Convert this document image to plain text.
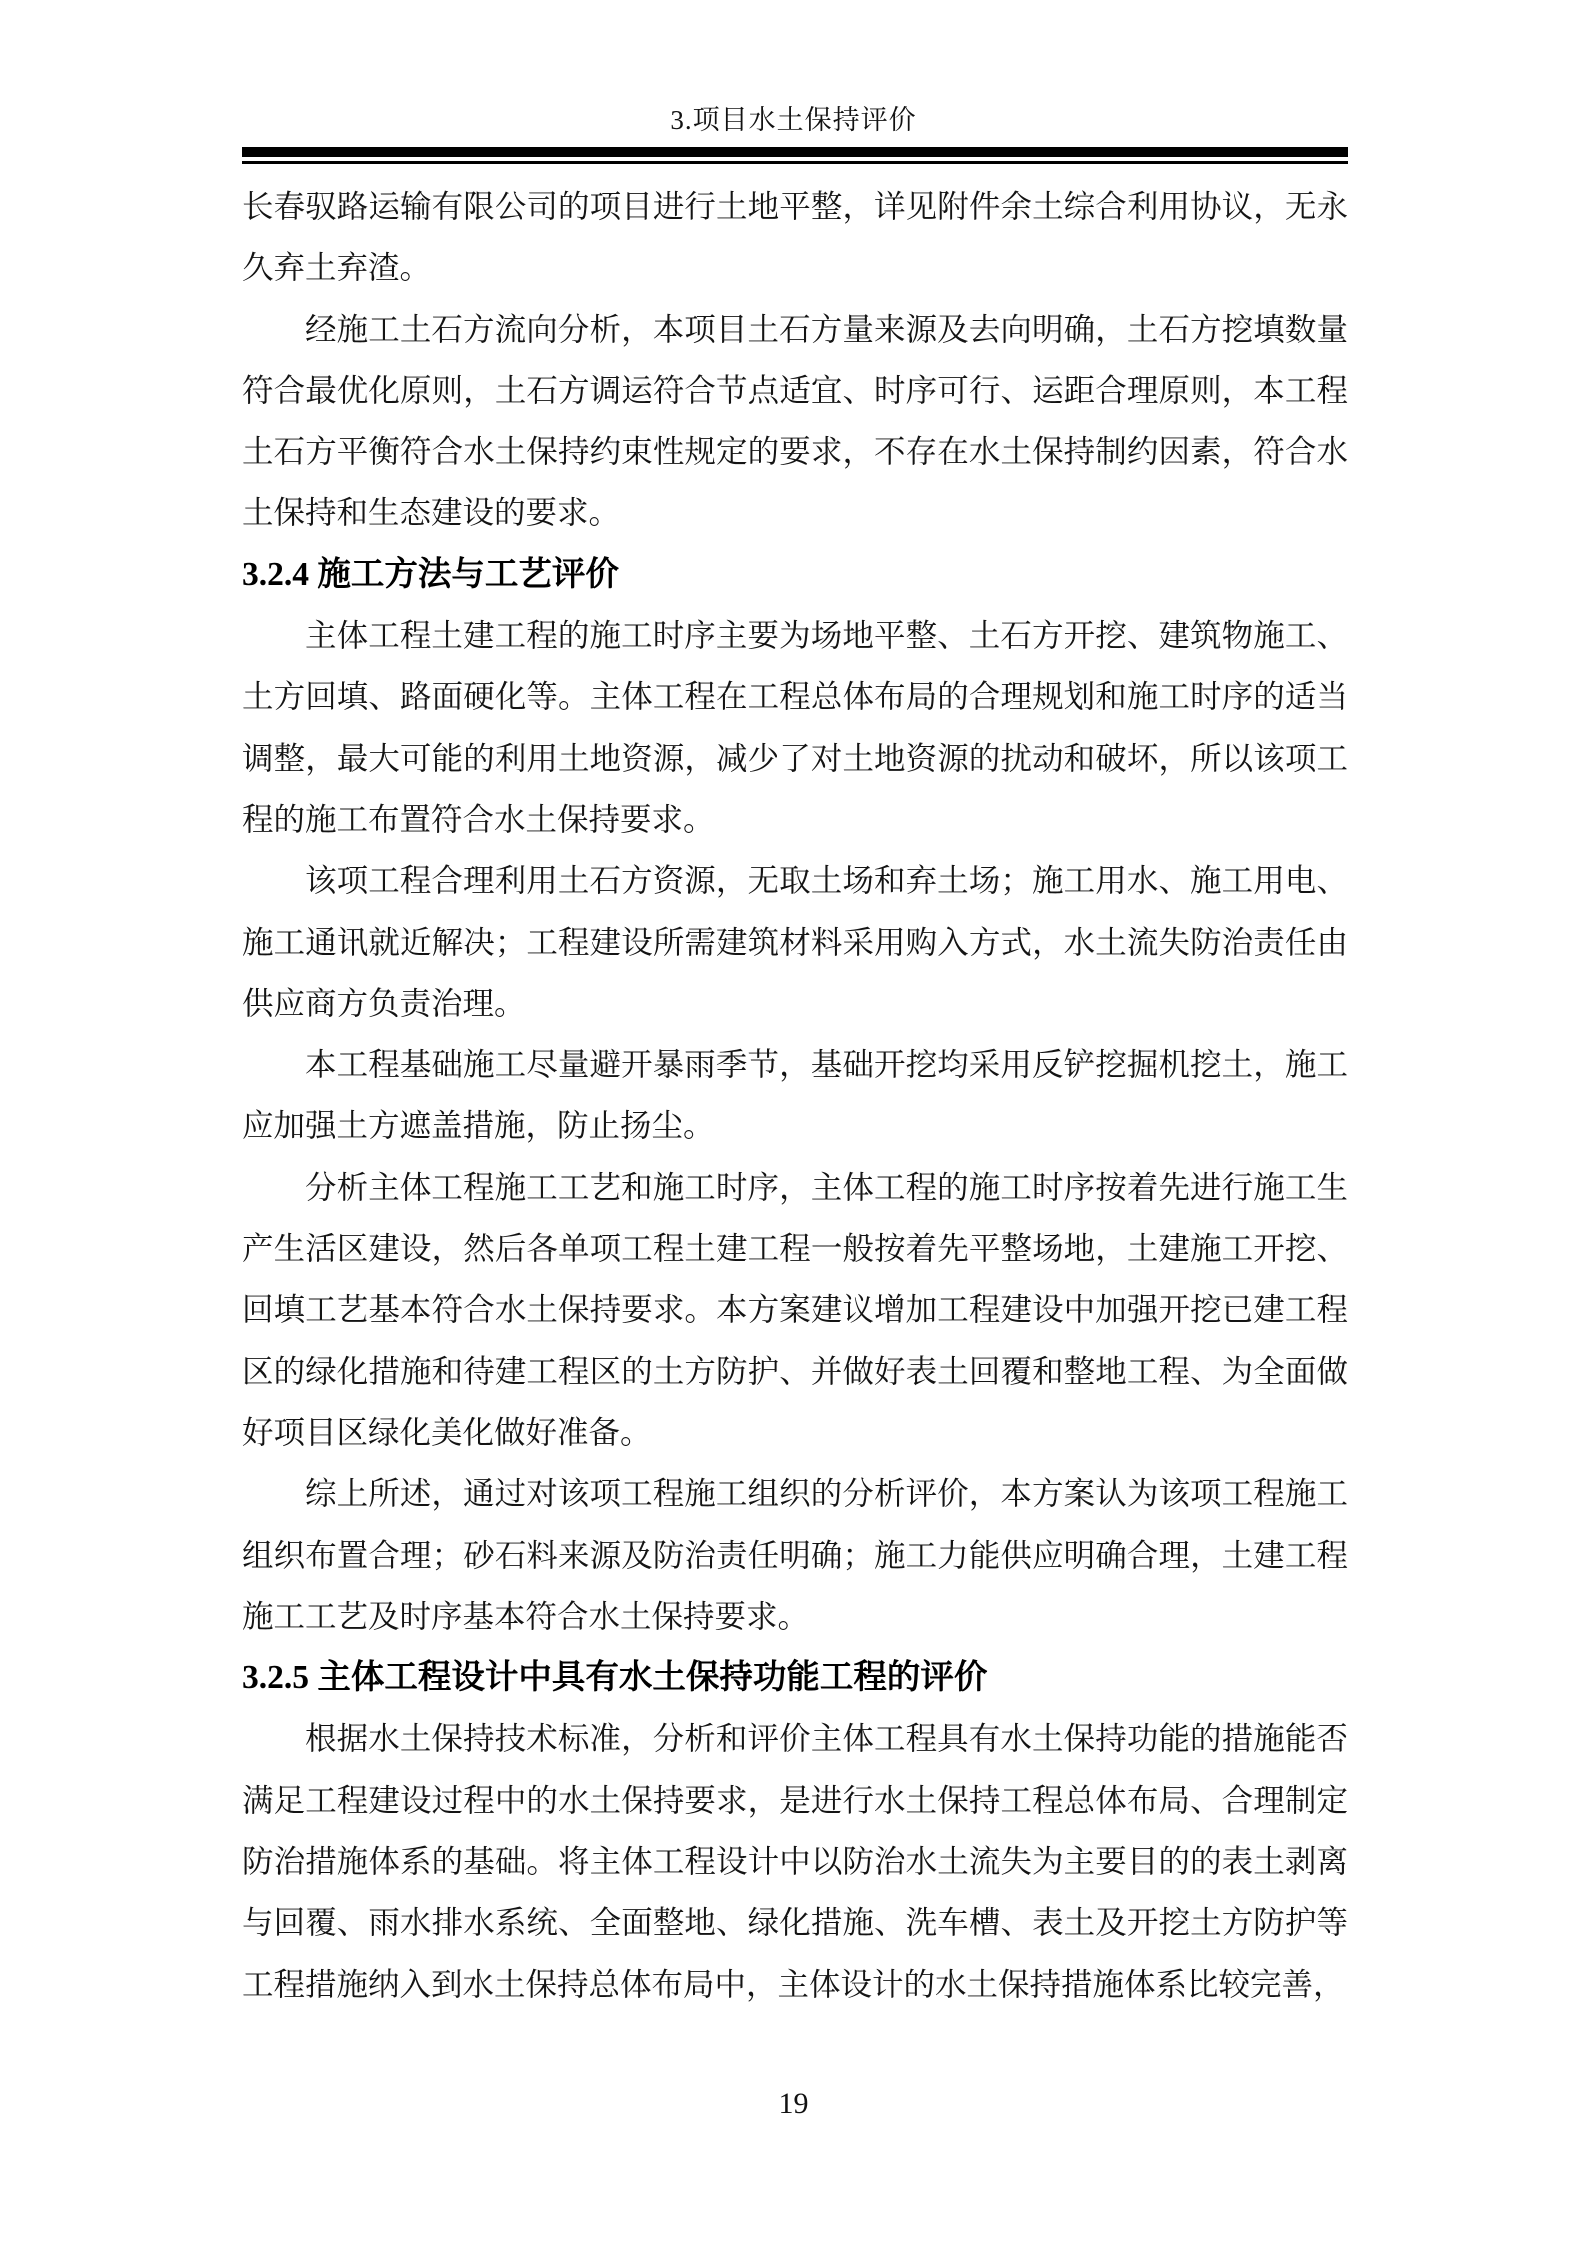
3.项目水土保持评价

长春驭路运输有限公司的项目进行土地平整，详见附件余土综合利用协议，无永久弃土弃渣。

经施工土石方流向分析，本项目土石方量来源及去向明确，土石方挖填数量符合最优化原则，土石方调运符合节点适宜、时序可行、运距合理原则，本工程土石方平衡符合水土保持约束性规定的要求，不存在水土保持制约因素，符合水土保持和生态建设的要求。

3.2.4 施工方法与工艺评价

主体工程土建工程的施工时序主要为场地平整、土石方开挖、建筑物施工、土方回填、路面硬化等。主体工程在工程总体布局的合理规划和施工时序的适当调整，最大可能的利用土地资源，减少了对土地资源的扰动和破坏，所以该项工程的施工布置符合水土保持要求。

该项工程合理利用土石方资源，无取土场和弃土场；施工用水、施工用电、施工通讯就近解决；工程建设所需建筑材料采用购入方式，水土流失防治责任由供应商方负责治理。

本工程基础施工尽量避开暴雨季节，基础开挖均采用反铲挖掘机挖土，施工应加强土方遮盖措施，防止扬尘。

分析主体工程施工工艺和施工时序，主体工程的施工时序按着先进行施工生产生活区建设，然后各单项工程土建工程一般按着先平整场地，土建施工开挖、回填工艺基本符合水土保持要求。本方案建议增加工程建设中加强开挖已建工程区的绿化措施和待建工程区的土方防护、并做好表土回覆和整地工程、为全面做好项目区绿化美化做好准备。

综上所述，通过对该项工程施工组织的分析评价，本方案认为该项工程施工组织布置合理；砂石料来源及防治责任明确；施工力能供应明确合理，土建工程施工工艺及时序基本符合水土保持要求。

3.2.5 主体工程设计中具有水土保持功能工程的评价

根据水土保持技术标准，分析和评价主体工程具有水土保持功能的措施能否满足工程建设过程中的水土保持要求，是进行水土保持工程总体布局、合理制定防治措施体系的基础。将主体工程设计中以防治水土流失为主要目的的表土剥离与回覆、雨水排水系统、全面整地、绿化措施、洗车槽、表土及开挖土方防护等工程措施纳入到水土保持总体布局中，主体设计的水土保持措施体系比较完善，

19
